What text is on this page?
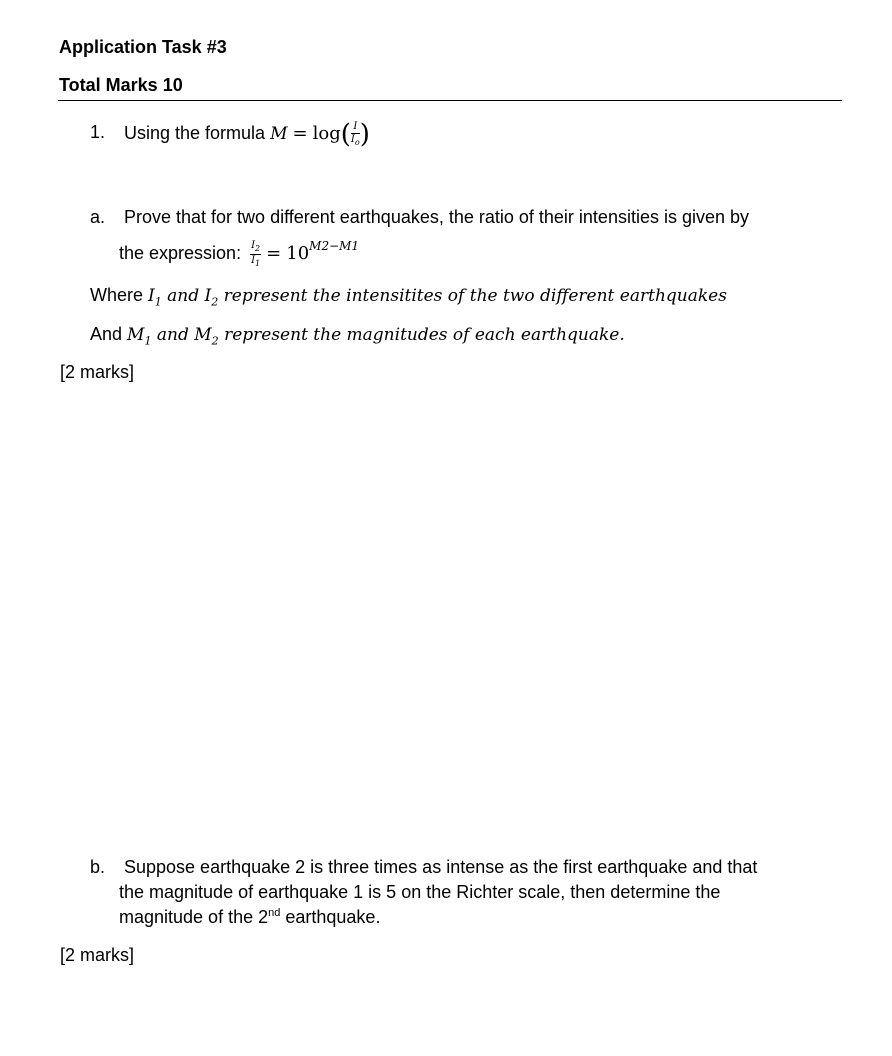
Application Task #3
Total Marks 10
1. Using the formula $M = \log( \frac{I}{I_o}$ )
a. Prove that for two different earthquakes, the ratio of their intensities is given by
the expression: $\frac{I_2}{I_1} = 10^{M2-M1}$
Where $I_1$ and $I_2$ represent the intensitites of the two different earthquakes
And $M_1$ and $M_2$ represent the magnitudes of each earthquake.
[2 marks]
b. Suppose earthquake 2 is three times as intense as the first earthquake and that
the magnitude of earthquake 1 is 5 on the Richter scale, then determine the
magnitude of the 2nd earthquake.
[2 marks]
